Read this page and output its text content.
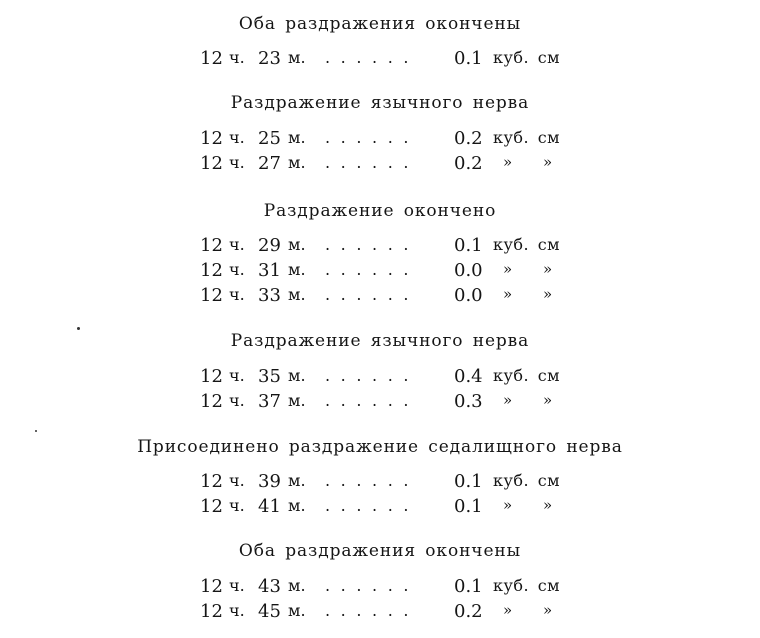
Оба раздражения окончены
12 ч. 23 м. ...... 0.1 куб. см
Раздражение язычного нерва
12 ч. 25 м. ...... 0.2 куб. см
12 ч. 27 м. ...... 0.2 » »
Раздражение окончено
12 ч. 29 м. ...... 0.1 куб. см
12 ч. 31 м. ...... 0.0 » »
12 ч. 33 м. ...... 0.0 » »
Раздражение язычного нерва
12 ч. 35 м. ...... 0.4 куб. см
12 ч. 37 м. ...... 0.3 » »
Присоединено раздражение седалищного нерва
12 ч. 39 м. ...... 0.1 куб. см
12 ч. 41 м. ...... 0.1 » »
Оба раздражения окончены
12 ч. 43 м. ...... 0.1 куб. см
12 ч. 45 м. ...... 0.2 » »
